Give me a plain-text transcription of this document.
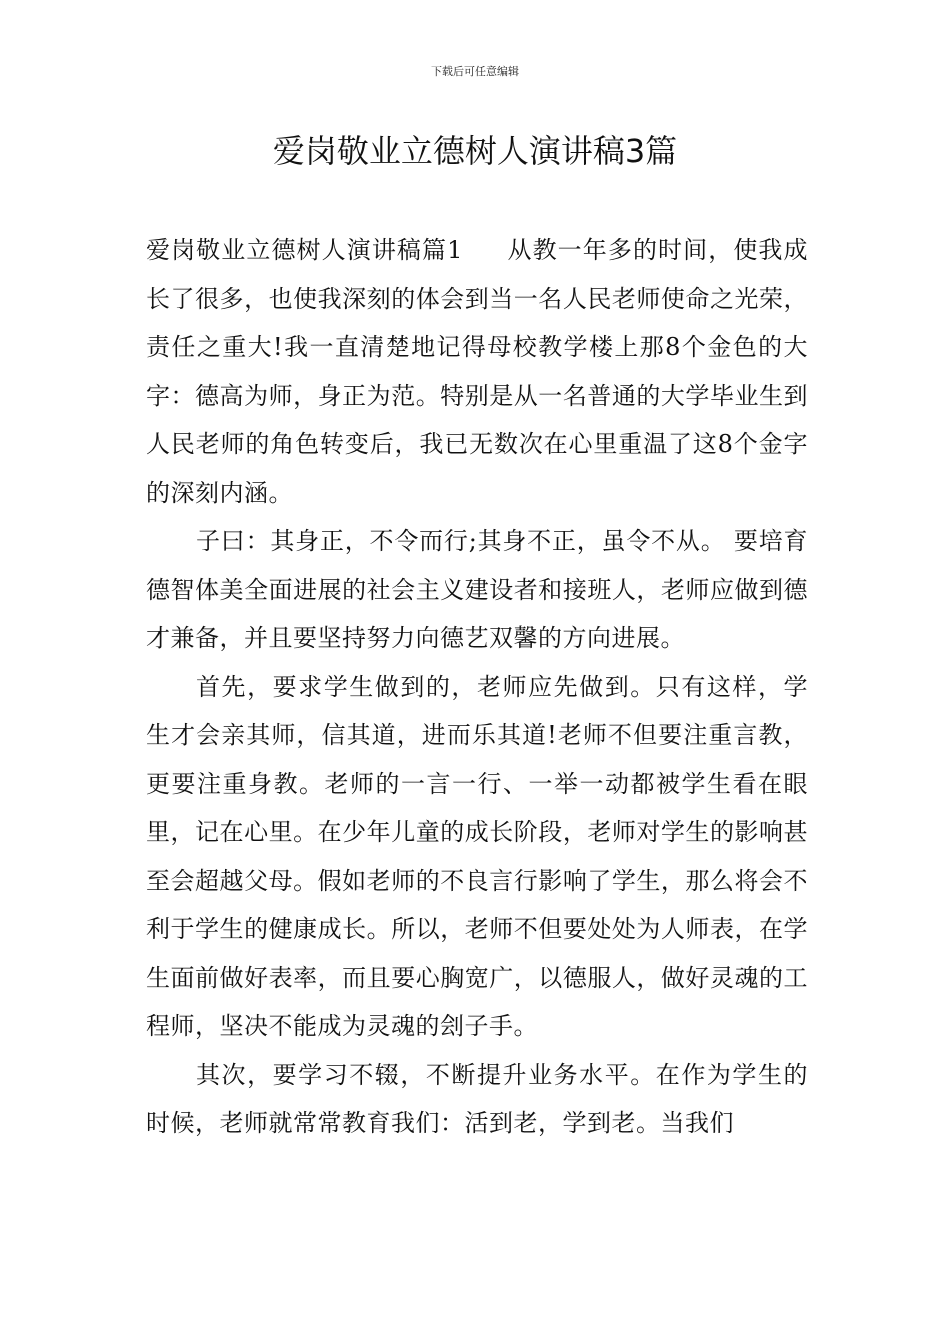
下载后可任意编辑
爱岗敬业立德树人演讲稿3篇

爱岗敬业立德树人演讲稿篇1 从教一年多的时间，使我成长了很多，也使我深刻的体会到当一名人民老师使命之光荣，责任之重大!我一直清楚地记得母校教学楼上那8个金色的大字：德高为师，身正为范。特别是从一名普通的大学毕业生到人民老师的角色转变后，我已无数次在心里重温了这8个金字的深刻内涵。

子曰：其身正，不令而行;其身不正，虽令不从。 要培育德智体美全面进展的社会主义建设者和接班人，老师应做到德才兼备，并且要坚持努力向德艺双馨的方向进展。

首先，要求学生做到的，老师应先做到。只有这样，学生才会亲其师，信其道，进而乐其道!老师不但要注重言教，更要注重身教。老师的一言一行、一举一动都被学生看在眼里，记在心里。在少年儿童的成长阶段，老师对学生的影响甚至会超越父母。假如老师的不良言行影响了学生，那么将会不利于学生的健康成长。所以，老师不但要处处为人师表，在学生面前做好表率，而且要心胸宽广，以德服人，做好灵魂的工程师，坚决不能成为灵魂的刽子手。

其次，要学习不辍，不断提升业务水平。在作为学生的时候，老师就常常教育我们：活到老，学到老。当我们
